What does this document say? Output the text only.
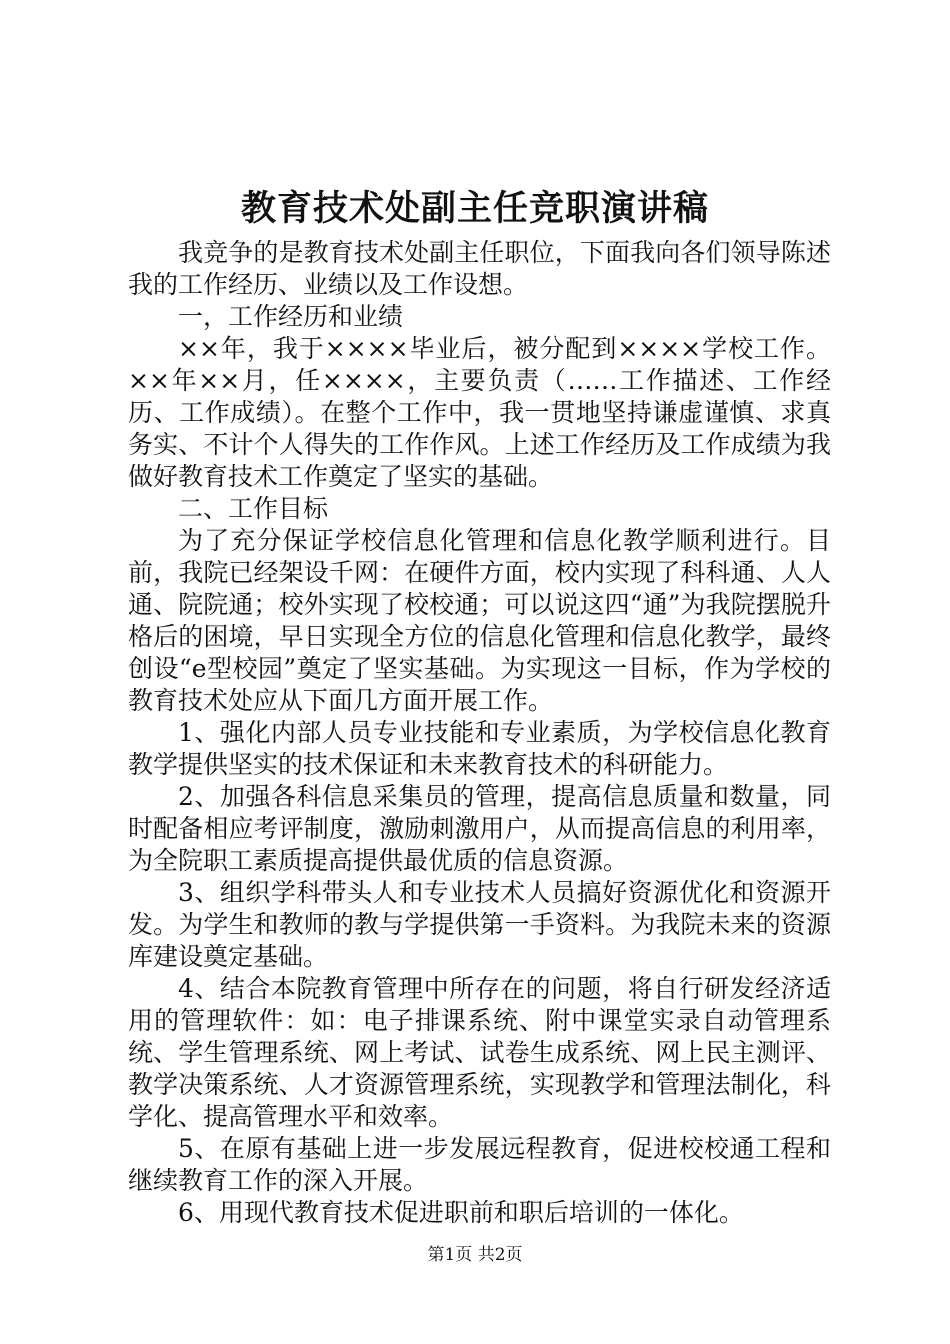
教育技术处副主任竞职演讲稿

我竞争的是教育技术处副主任职位，下面我向各们领导陈述我的工作经历、业绩以及工作设想。

一，工作经历和业绩

××年，我于××××毕业后，被分配到××××学校工作。××年××月，任××××，主要负责（……工作描述、工作经历、工作成绩）。在整个工作中，我一贯地坚持谦虚谨慎、求真务实、不计个人得失的工作作风。上述工作经历及工作成绩为我做好教育技术工作奠定了坚实的基础。

二、工作目标

为了充分保证学校信息化管理和信息化教学顺利进行。目前，我院已经架设千网：在硬件方面，校内实现了科科通、人人通、院院通；校外实现了校校通；可以说这四“通”为我院摆脱升格后的困境，早日实现全方位的信息化管理和信息化教学，最终创设“e型校园”奠定了坚实基础。为实现这一目标，作为学校的教育技术处应从下面几方面开展工作。

1、强化内部人员专业技能和专业素质，为学校信息化教育教学提供坚实的技术保证和未来教育技术的科研能力。

2、加强各科信息采集员的管理，提高信息质量和数量，同时配备相应考评制度，激励刺激用户，从而提高信息的利用率，为全院职工素质提高提供最优质的信息资源。

3、组织学科带头人和专业技术人员搞好资源优化和资源开发。为学生和教师的教与学提供第一手资料。为我院未来的资源库建设奠定基础。

4、结合本院教育管理中所存在的问题，将自行研发经济适用的管理软件：如：电子排课系统、附中课堂实录自动管理系统、学生管理系统、网上考试、试卷生成系统、网上民主测评、教学决策系统、人才资源管理系统，实现教学和管理法制化，科学化、提高管理水平和效率。

5、在原有基础上进一步发展远程教育，促进校校通工程和继续教育工作的深入开展。

6、用现代教育技术促进职前和职后培训的一体化。

第1页 共2页
